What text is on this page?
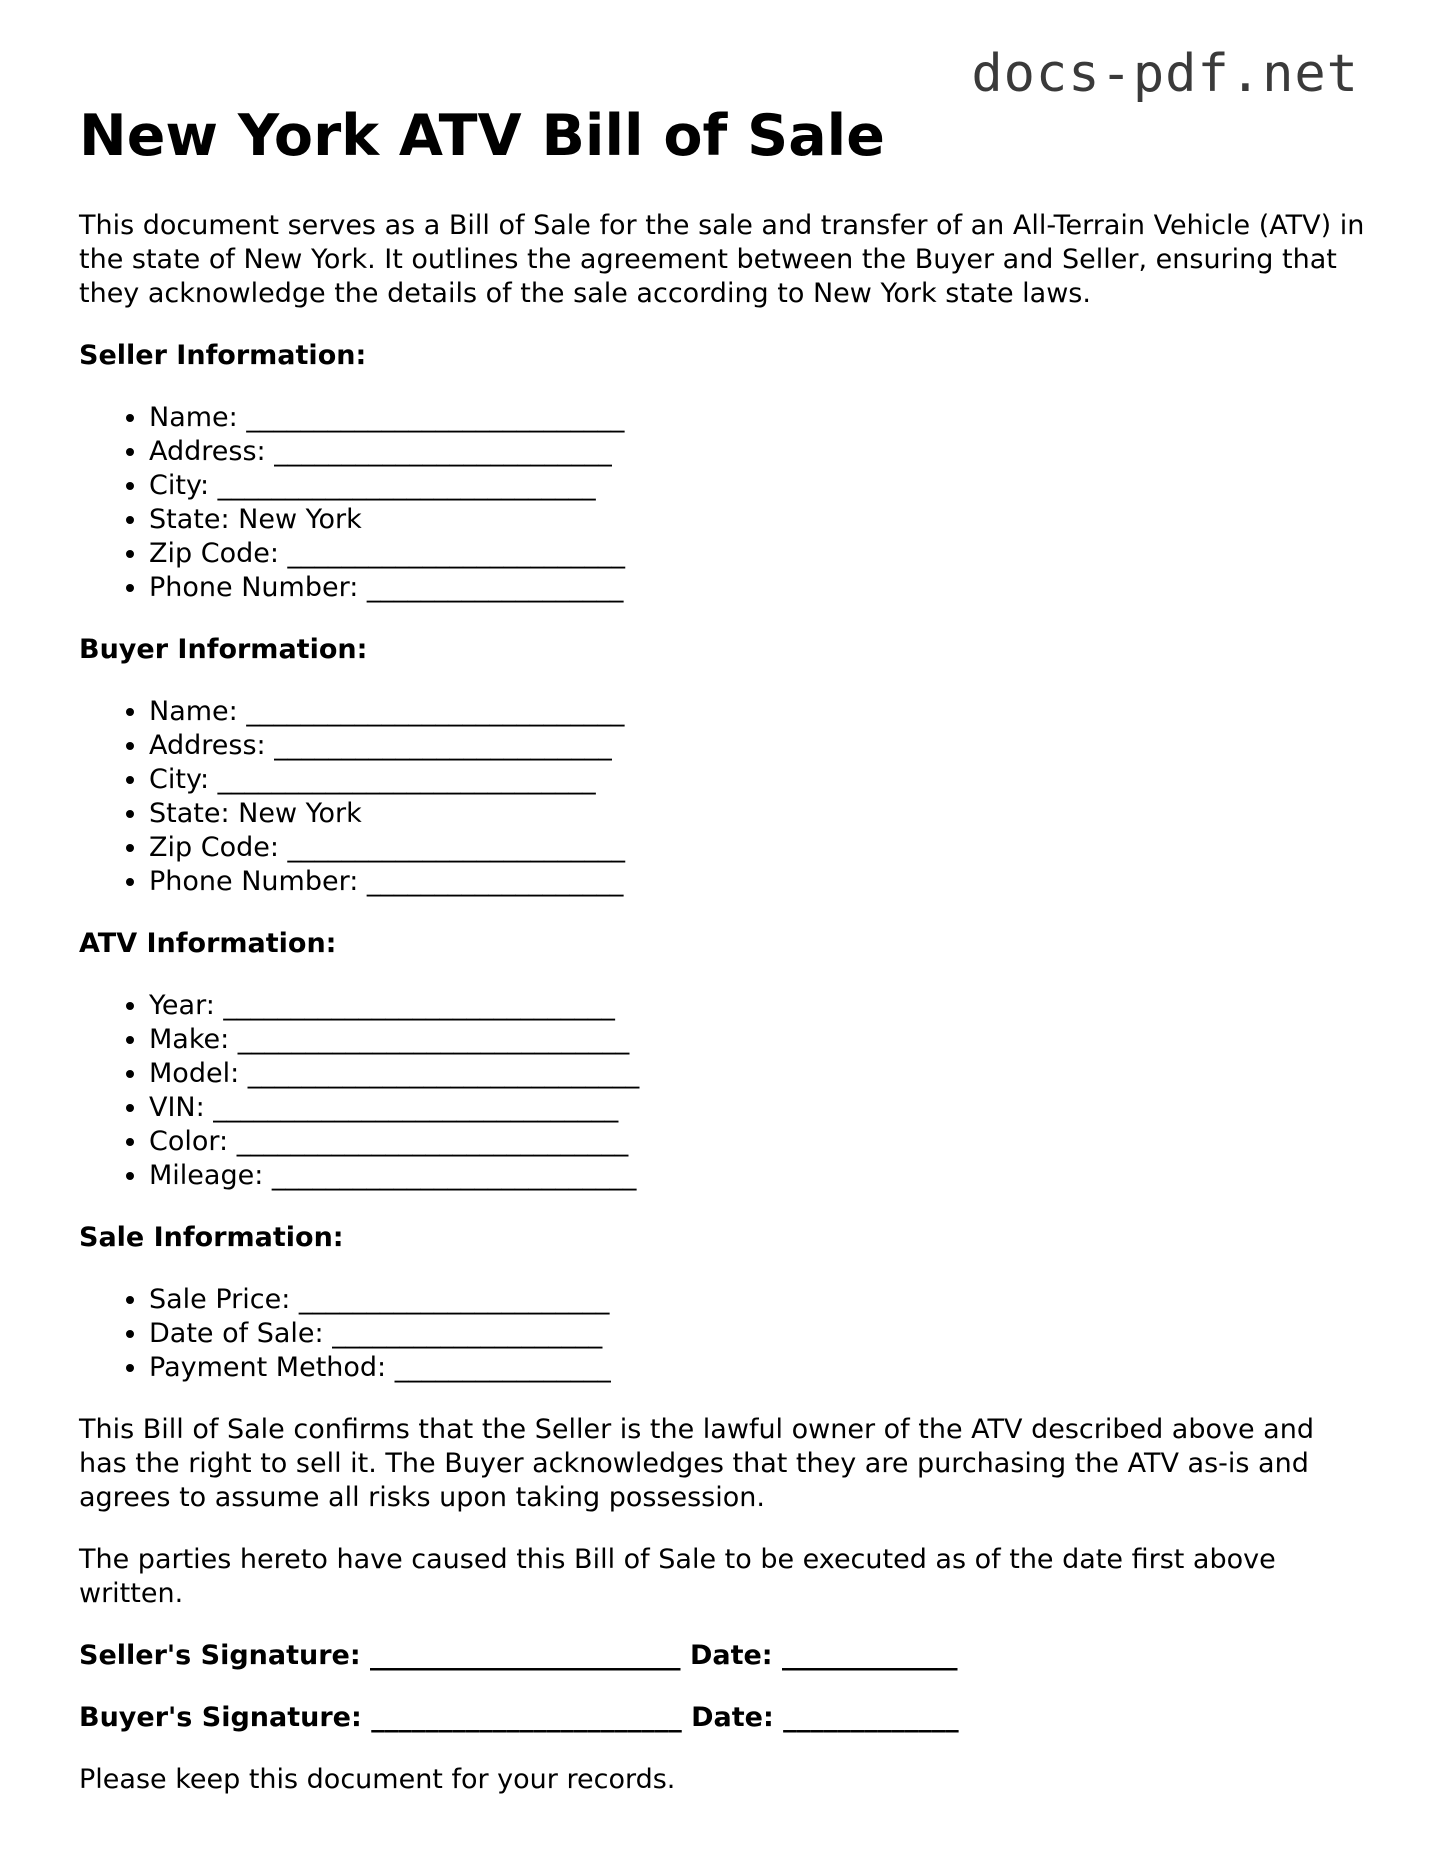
docs-pdf.net
New York ATV Bill of Sale

This document serves as a Bill of Sale for the sale and transfer of an All-Terrain Vehicle (ATV) in the state of New York. It outlines the agreement between the Buyer and Seller, ensuring that they acknowledge the details of the sale according to New York state laws.

Seller Information:
• Name: ____________________________
• Address: _________________________
• City: ____________________________
• State: New York
• Zip Code: _________________________
• Phone Number: ___________________
Buyer Information:
• Name: ____________________________
• Address: _________________________
• City: ____________________________
• State: New York
• Zip Code: _________________________
• Phone Number: ___________________
ATV Information:
• Year: _____________________________
• Make: _____________________________
• Model: _____________________________
• VIN: ______________________________
• Color: _____________________________
• Mileage: ___________________________
Sale Information:
• Sale Price: _______________________
• Date of Sale: ____________________
• Payment Method: ________________

This Bill of Sale confirms that the Seller is the lawful owner of the ATV described above and has the right to sell it. The Buyer acknowledges that they are purchasing the ATV as-is and agrees to assume all risks upon taking possession.

The parties hereto have caused this Bill of Sale to be executed as of the date first above written.

Seller's Signature: _______________________ Date: _____________
Buyer's Signature: _______________________ Date: _____________

Please keep this document for your records.
